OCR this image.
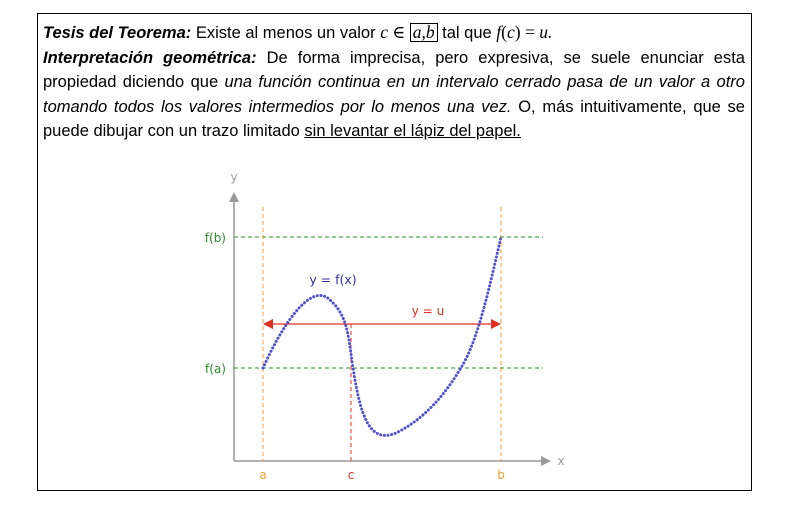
Tesis del Teorema: Existe al menos un valor c ∈ a,b tal que f(c) = u.

Interpretación geométrica: De forma imprecisa, pero expresiva, se suele enunciar esta propiedad diciendo que una función continua en un intervalo cerrado pasa de un valor a otro tomando todos los valores intermedios por lo menos una vez. O, más intuitivamente, que se puede dibujar con un trazo limitado sin levantar el lápiz del papel.

y
x
f(b)
f(a)
a	b
c
y = u
y = f(x)
